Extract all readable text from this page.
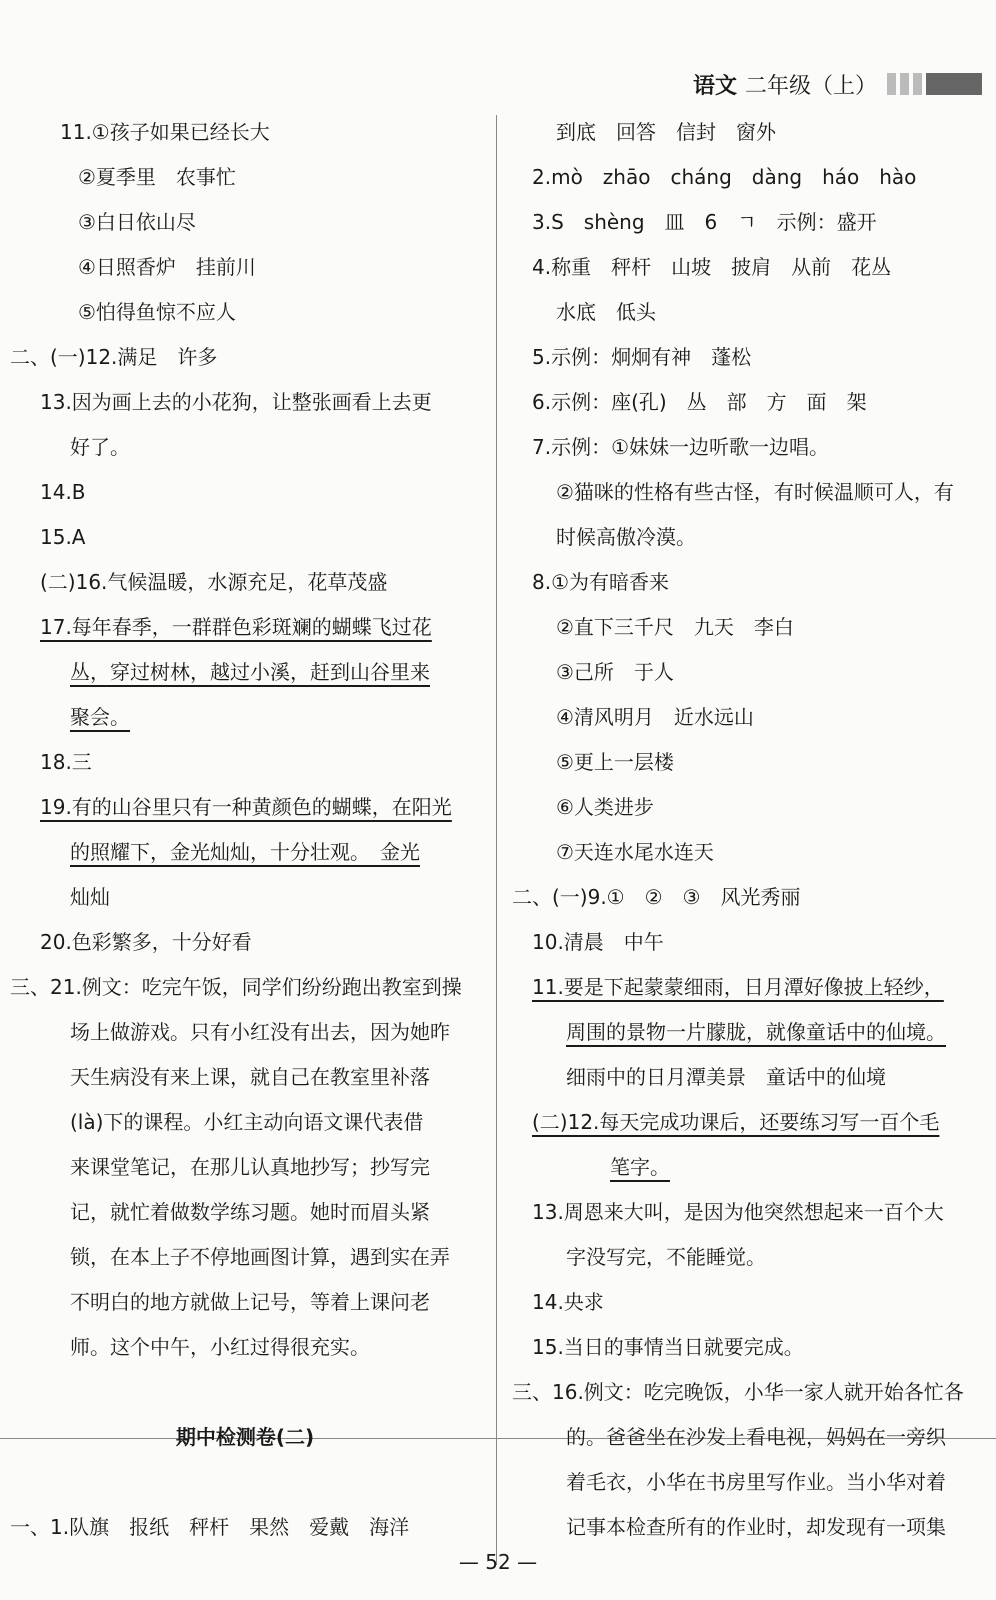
语文 二年级（上）
11.①孩子如果已经长大
②夏季里　农事忙
③白日依山尽
④日照香炉　挂前川
⑤怕得鱼惊不应人
二、(一)12.满足　许多
13.因为画上去的小花狗，让整张画看上去更
好了。
14.B
15.A
(二)16.气候温暖，水源充足，花草茂盛
17.每年春季，一群群色彩斑斓的蝴蝶飞过花
丛，穿过树林，越过小溪，赶到山谷里来
聚会。
18.三
19.有的山谷里只有一种黄颜色的蝴蝶，在阳光
的照耀下，金光灿灿，十分壮观。　金光
灿灿
20.色彩繁多，十分好看
三、21.例文：吃完午饭，同学们纷纷跑出教室到操
场上做游戏。只有小红没有出去，因为她昨
天生病没有来上课，就自己在教室里补落
(là)下的课程。小红主动向语文课代表借
来课堂笔记，在那儿认真地抄写；抄写完
记，就忙着做数学练习题。她时而眉头紧
锁，在本上子不停地画图计算，遇到实在弄
不明白的地方就做上记号，等着上课问老
师。这个中午，小红过得很充实。
期中检测卷(二)
一、1.队旗　报纸　秤杆　果然　爱戴　海洋
到底　回答　信封　窗外
2.mò　zhāo　cháng　dàng　háo　hào
3.S　shèng　皿　6　ㄱ　示例：盛开
4.称重　秤杆　山坡　披肩　从前　花丛
水底　低头
5.示例：炯炯有神　蓬松
6.示例：座(孔)　丛　部　方　面　架
7.示例：①妹妹一边听歌一边唱。
②猫咪的性格有些古怪，有时候温顺可人，有
时候高傲冷漠。
8.①为有暗香来
②直下三千尺　九天　李白
③己所　于人
④清风明月　近水远山
⑤更上一层楼
⑥人类进步
⑦天连水尾水连天
二、(一)9.①　②　③　风光秀丽
10.清晨　中午
11.要是下起蒙蒙细雨，日月潭好像披上轻纱，
周围的景物一片朦胧，就像童话中的仙境。
细雨中的日月潭美景　童话中的仙境
(二)12.每天完成功课后，还要练习写一百个毛
笔字。
13.周恩来大叫，是因为他突然想起来一百个大
字没写完，不能睡觉。
14.央求
15.当日的事情当日就要完成。
三、16.例文：吃完晚饭，小华一家人就开始各忙各
的。爸爸坐在沙发上看电视，妈妈在一旁织
着毛衣，小华在书房里写作业。当小华对着
记事本检查所有的作业时，却发现有一项集
— 52 —
